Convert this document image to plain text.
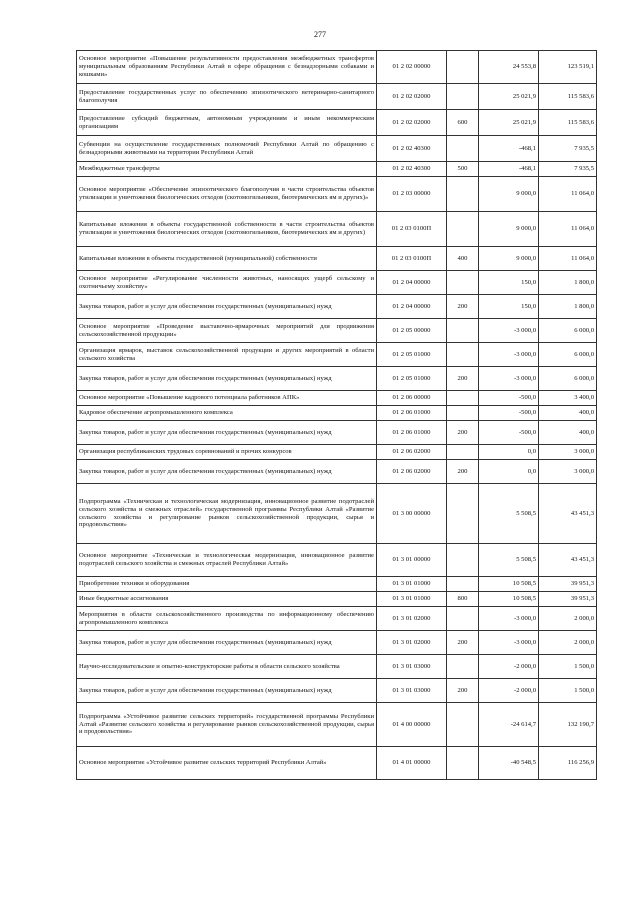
277
Основное мероприятие «Повышение результативности предоставления межбюджетных трансфертов муниципальным образованиям Республики Алтай в сфере обращения с безнадзорными собаками и кошками»	01 2 02 00000		24 553,8	123 519,1
Предоставление государственных услуг по обеспечению эпизоотического ветеринарно-санитарного благополучия	01 2 02 02000		25 021,9	115 583,6
Предоставление субсидий бюджетным, автономным учреждениям и иным некоммерческим организациям	01 2 02 02000	600	25 021,9	115 583,6
Субвенции на осуществление государственных полномочий Республики Алтай по обращению с безнадзорными животными на территории Республики Алтай	01 2 02 40300		-468,1	7 935,5
Межбюджетные трансферты	01 2 02 40300	500	-468,1	7 935,5
Основное мероприятие «Обеспечение эпизоотического благополучия в части строительства объектов утилизации и уничтожения биологических отходов (скотомогильников, биотермических ям и других)»	01 2 03 00000		9 000,0	11 064,0
Капитальные вложения в объекты государственной собственности в части строительства объектов утилизации и уничтожения биологических отходов (скотомогильников, биотермических ям и других)	01 2 03 0100П		9 000,0	11 064,0
Капитальные вложения в объекты государственной (муниципальной) собственности	01 2 03 0100П	400	9 000,0	11 064,0
Основное мероприятие «Регулирование численности животных, наносящих ущерб сельскому и охотничьему хозяйству»	01 2 04 00000		150,0	1 800,0
Закупка товаров, работ и услуг для обеспечения государственных (муниципальных) нужд	01 2 04 00000	200	150,0	1 800,0
Основное мероприятие «Проведение выставочно-ярмарочных мероприятий для продвижения сельскохозяйственной продукции»	01 2 05 00000		-3 000,0	6 000,0
Организация ярмарок, выставок сельскохозяйственной продукции и других мероприятий в области сельского хозяйства	01 2 05 01000		-3 000,0	6 000,0
Закупка товаров, работ и услуг для обеспечения государственных (муниципальных) нужд	01 2 05 01000	200	-3 000,0	6 000,0
Основное мероприятие «Повышение кадрового потенциала работников АПК»	01 2 06 00000		-500,0	3 400,0
Кадровое обеспечение агропромышленного комплекса	01 2 06 01000		-500,0	400,0
Закупка товаров, работ и услуг для обеспечения государственных (муниципальных) нужд	01 2 06 01000	200	-500,0	400,0
Организация республиканских трудовых соревнований и прочих конкурсов	01 2 06 02000		0,0	3 000,0
Закупка товаров, работ и услуг для обеспечения государственных (муниципальных) нужд	01 2 06 02000	200	0,0	3 000,0
Подпрограмма «Техническая и технологическая модернизация, инновационное развитие подотраслей сельского хозяйства и смежных отраслей» государственной программы Республики Алтай «Развитие сельского хозяйства и регулирование рынков сельскохозяйственной продукции, сырья и продовольствия»	01 3 00 00000		5 508,5	43 451,3
Основное мероприятие «Техническая и технологическая модернизация, инновационное развитие подотраслей сельского хозяйства и смежных отраслей Республики Алтай»	01 3 01 00000		5 508,5	43 451,3
Приобретение техники и оборудования	01 3 01 01000		10 508,5	39 951,3
Иные бюджетные ассигнования	01 3 01 01000	800	10 508,5	39 951,3
Мероприятия в области сельскохозяйственного производства по информационному обеспечению агропромышленного комплекса	01 3 01 02000		-3 000,0	2 000,0
Закупка товаров, работ и услуг для обеспечения государственных (муниципальных) нужд	01 3 01 02000	200	-3 000,0	2 000,0
Научно-исследовательские и опытно-конструкторские работы в области сельского хозяйства	01 3 01 03000		-2 000,0	1 500,0
Закупка товаров, работ и услуг для обеспечения государственных (муниципальных) нужд	01 3 01 03000	200	-2 000,0	1 500,0
Подпрограмма «Устойчивое развитие сельских территорий» государственной программы Республики Алтай «Развитие сельского хозяйства и регулирование рынков сельскохозяйственной продукции, сырья и продовольствия»	01 4 00 00000		-24 614,7	132 190,7
Основное мероприятие «Устойчивое развитие сельских территорий Республики Алтай»	01 4 01 00000		-40 548,5	116 256,9
